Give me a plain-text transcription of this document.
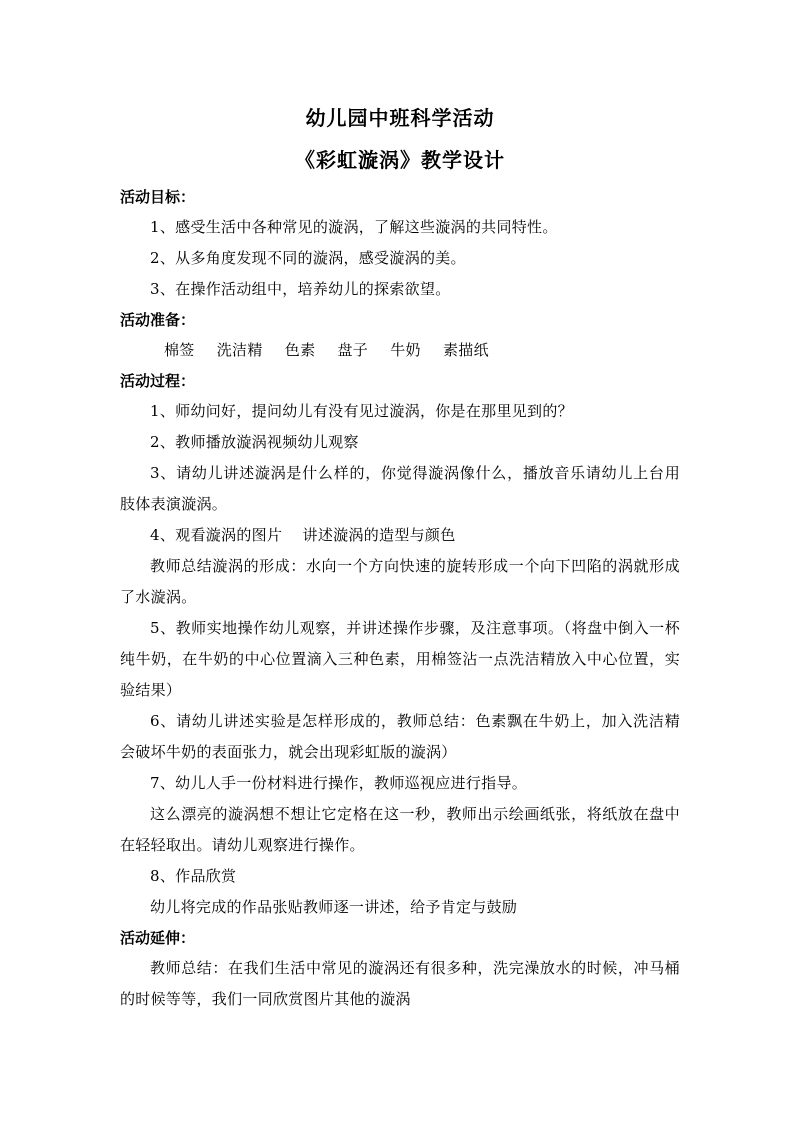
幼儿园中班科学活动
《彩虹漩涡》教学设计

活动目标：

1、感受生活中各种常见的漩涡，了解这些漩涡的共同特性。

2、从多角度发现不同的漩涡，感受漩涡的美。

3、在操作活动组中，培养幼儿的探索欲望。

活动准备：

棉签  洗洁精  色素  盘子  牛奶  素描纸

活动过程：

1、师幼问好，提问幼儿有没有见过漩涡，你是在那里见到的？

2、教师播放漩涡视频幼儿观察

3、请幼儿讲述漩涡是什么样的，你觉得漩涡像什么，播放音乐请幼儿上台用肢体表演漩涡。

4、观看漩涡的图片    讲述漩涡的造型与颜色

教师总结漩涡的形成：水向一个方向快速的旋转形成一个向下凹陷的涡就形成了水漩涡。

5、教师实地操作幼儿观察，并讲述操作步骤，及注意事项。（将盘中倒入一杯纯牛奶，在牛奶的中心位置滴入三种色素，用棉签沾一点洗洁精放入中心位置，实验结果）

6、请幼儿讲述实验是怎样形成的，教师总结：色素飘在牛奶上，加入洗洁精会破坏牛奶的表面张力，就会出现彩虹版的漩涡）

7、幼儿人手一份材料进行操作，教师巡视应进行指导。

这么漂亮的漩涡想不想让它定格在这一秒，教师出示绘画纸张，将纸放在盘中在轻轻取出。请幼儿观察进行操作。

8、作品欣赏

幼儿将完成的作品张贴教师逐一讲述，给予肯定与鼓励

活动延伸：

教师总结：在我们生活中常见的漩涡还有很多种，洗完澡放水的时候，冲马桶的时候等等，我们一同欣赏图片其他的漩涡
